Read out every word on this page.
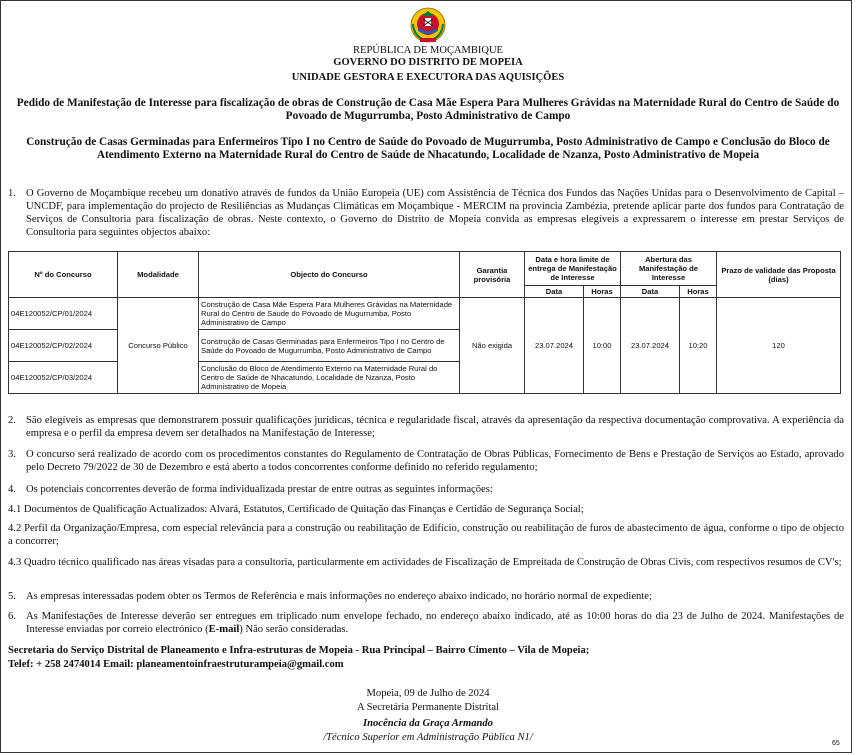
REPÚBLICA DE MOÇAMBIQUE
GOVERNO DO DISTRITO DE MOPEIA
UNIDADE GESTORA E EXECUTORA DAS AQUISIÇÕES
Pedido de Manifestação de Interesse para fiscalização de obras de Construção de Casa Mãe Espera Para Mulheres Grávidas na Maternidade Rural do Centro de Saúde do Povoado de Mugurrumba, Posto Administrativo de Campo
Construção de Casas Germinadas para Enfermeiros Tipo I no Centro de Saúde do Povoado de Mugurrumba, Posto Administrativo de Campo e Conclusão do Bloco de Atendimento Externo na Maternidade Rural do Centro de Saúde de Nhacatundo, Localidade de Nzanza, Posto Administrativo de Mopeia
1. O Governo de Moçambique recebeu um donativo através de fundos da União Europeia (UE) com Assistência de Técnica dos Fundos das Nações Unidas para o Desenvolvimento de Capital – UNCDF, para implementação do projecto de Resiliências as Mudanças Climáticas em Moçambique - MERCIM na província Zambézia, pretende aplicar parte dos fundos para Contratação de Serviços de Consultoria para fiscalização de obras. Neste contexto, o Governo do Distrito de Mopeia convida as empresas elegíveis a expressarem o interesse em prestar Serviços de Consultoria para seguintes objectos abaixo:
Nº do Concurso	Modalidade	Objecto do Concurso	Garantia provisória	Data e hora limite de entrega de Manifestação de Interesse		Abertura das Manifestação de Interesse		Prazo de validade das Proposta (dias)
				Data	Horas	Data	Horas	
04E120052/CP/01/2024	Concurso Público	Construção de Casa Mãe Espera Para Mulheres Grávidas na Maternidade Rural do Centro de Saude do Povoado de Mugurrumba, Posto Administrativo de Campo	Não exigida	23.07.2024	10:00	23.07.2024	10:20	120
04E120052/CP/02/2024		Construção de Casas Germinadas para Enfermeiros Tipo I no Centro de Saúde do Povoado de Mugurrumba, Posto Administrativo de Campo						
04E120052/CP/03/2024		Conclusão do Bloco de Atendimento Externo na Maternidade Rural do Centro de Saúde de Nhacatundo, Localidade de Nzanza, Posto Administrativo de Mopeia						
2. São elegíveis as empresas que demonstrarem possuir qualificações jurídicas, técnica e regularidade fiscal, através da apresentação da respectiva documentação comprovativa. A experiência da empresa e o perfil da empresa devem ser detalhados na Manifestação de Interesse;
3. O concurso será realizado de acordo com os procedimentos constantes do Regulamento de Contratação de Obras Públicas, Fornecimento de Bens e Prestação de Serviços ao Estado, aprovado pelo Decreto 79/2022 de 30 de Dezembro e está aberto a todos concorrentes conforme definido no referido regulamento;
4. Os potenciais concorrentes deverão de forma individualizada prestar de entre outras as seguintes informações:
4.1 Documentos de Qualificação Actualizados: Alvará, Estatutos, Certificado de Quitação das Finanças e Certidão de Segurança Social;
4.2 Perfil da Organização/Empresa, com especial relevância para a construção ou reabilitação de Edifício, construção ou reabilitação de furos de abastecimento de água, conforme o tipo de objecto a concorrer;
4.3 Quadro técnico qualificado nas áreas visadas para a consultoria, particularmente em actividades de Fiscalização de Empreitada de Construção de Obras Civis, com respectivos resumos de CV's;
5. As empresas interessadas podem obter os Termos de Referência e mais informações no endereço abaixo indicado, no horário normal de expediente;
6. As Manifestações de Interesse deverão ser entregues em triplicado num envelope fechado, no endereço abaixo indicado, até as 10:00 horas do dia 23 de Julho de 2024. Manifestações de Interesse enviadas por correio electrónico (E-mail) Não serão consideradas.
Secretaria do Serviço Distrital de Planeamento e Infra-estruturas de Mopeia - Rua Principal – Bairro Cimento – Vila de Mopeia;
Telef: + 258 2474014 Email: planeamentoinfraestruturampeia@gmail.com
Mopeia, 09 de Julho de 2024
A Secretária Permanente Distrital
Inocência da Graça Armando
/Técnico Superior em Administração Pública N1/
65
